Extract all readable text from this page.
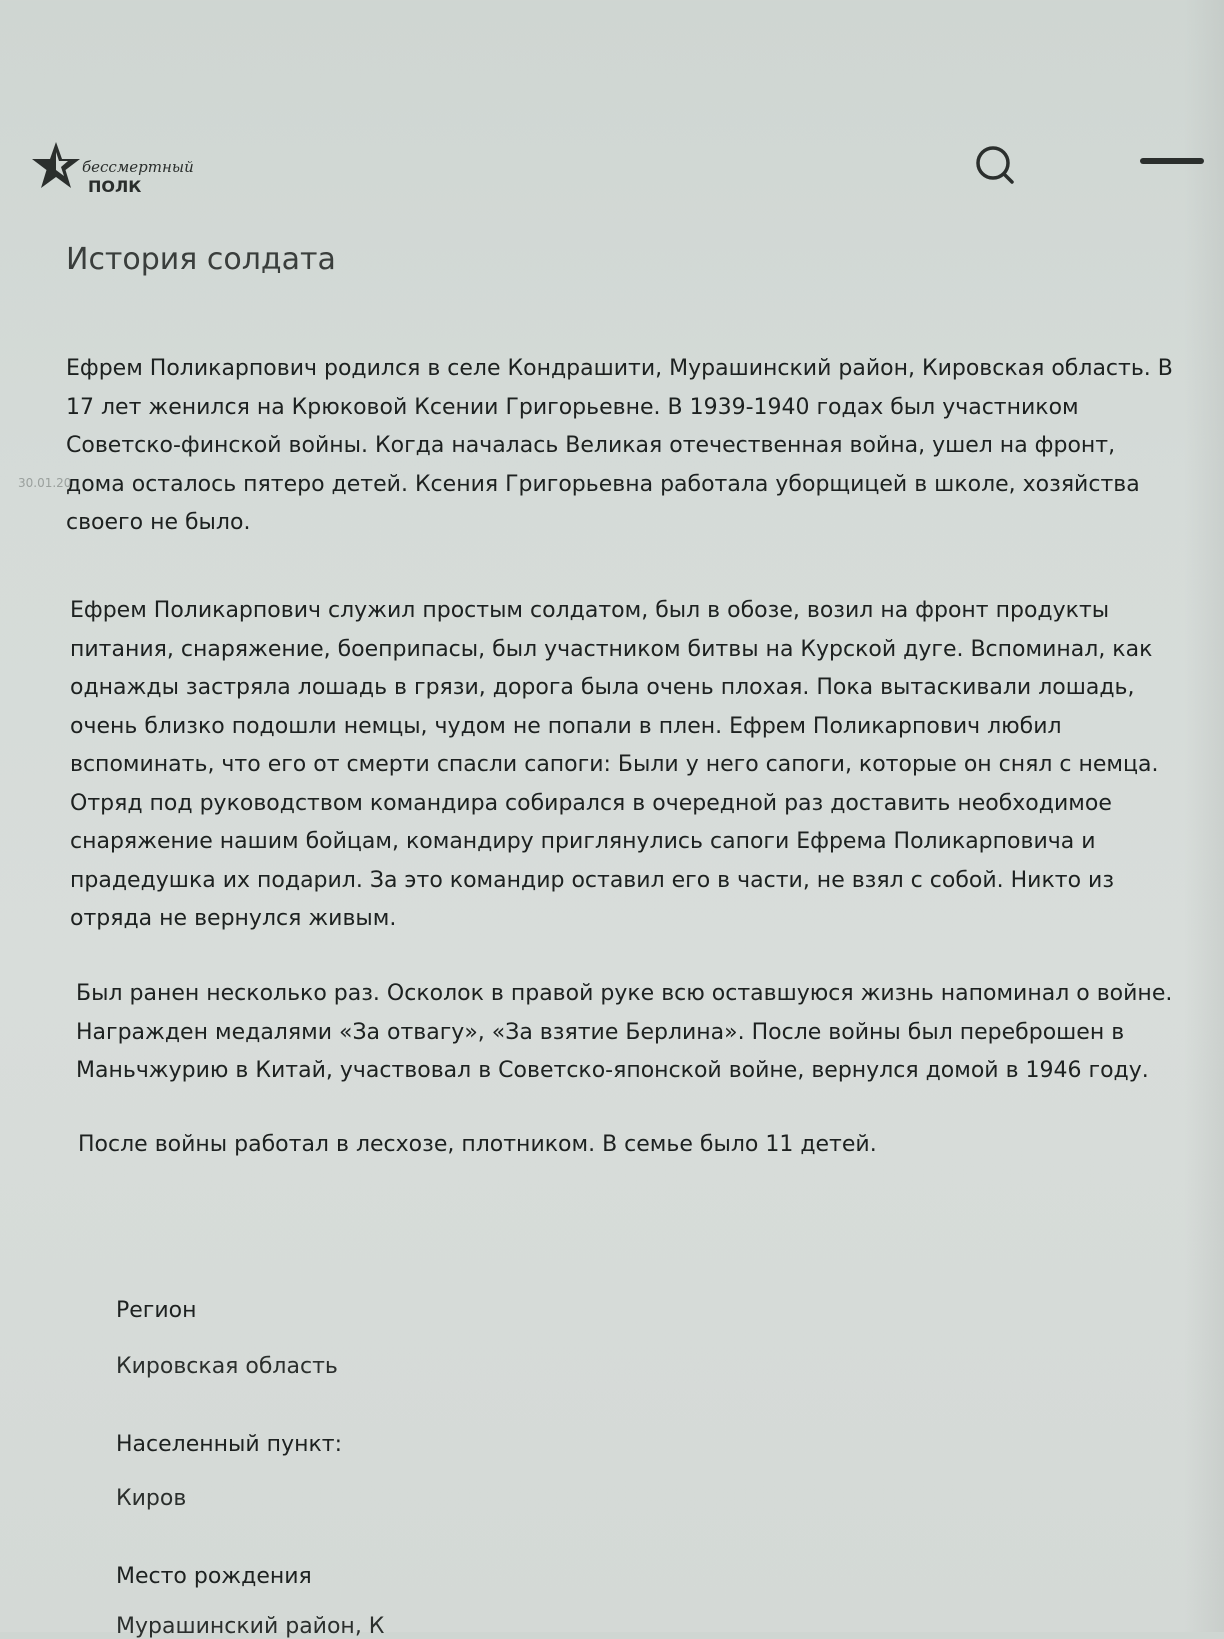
бессмертный
ПОЛК
История солдата
30.01.20

Ефрем Поликарпович родился в селе Кондрашити, Мурашинский район, Кировская область. В 17 лет женился на Крюковой Ксении Григорьевне. В 1939-1940 годах был участником Советско-финской войны. Когда началась Великая отечественная война, ушел на фронт, дома осталось пятеро детей. Ксения Григорьевна работала уборщицей в школе, хозяйства своего не было.

Ефрем Поликарпович служил простым солдатом, был в обозе, возил на фронт продукты питания, снаряжение, боеприпасы, был участником битвы на Курской дуге. Вспоминал, как однажды застряла лошадь в грязи, дорога была очень плохая. Пока вытаскивали лошадь, очень близко подошли немцы, чудом не попали в плен. Ефрем Поликарпович любил вспоминать, что его от смерти спасли сапоги: Были у него сапоги, которые он снял с немца. Отряд под руководством командира собирался в очередной раз доставить необходимое снаряжение нашим бойцам, командиру приглянулись сапоги Ефрема Поликарповича и прадедушка их подарил. За это командир оставил его в части, не взял с собой. Никто из отряда не вернулся живым.

Был ранен несколько раз. Осколок в правой руке всю оставшуюся жизнь напоминал о войне. Награжден медалями «За отвагу», «За взятие Берлина». После войны был переброшен в Маньчжурию в Китай, участвовал в Советско-японской войне, вернулся домой в 1946 году.

После войны работал в лесхозе, плотником. В семье было 11 детей.

Регион
Кировская область
Населенный пункт:
Киров
Место рождения
Мурашинский район, К
